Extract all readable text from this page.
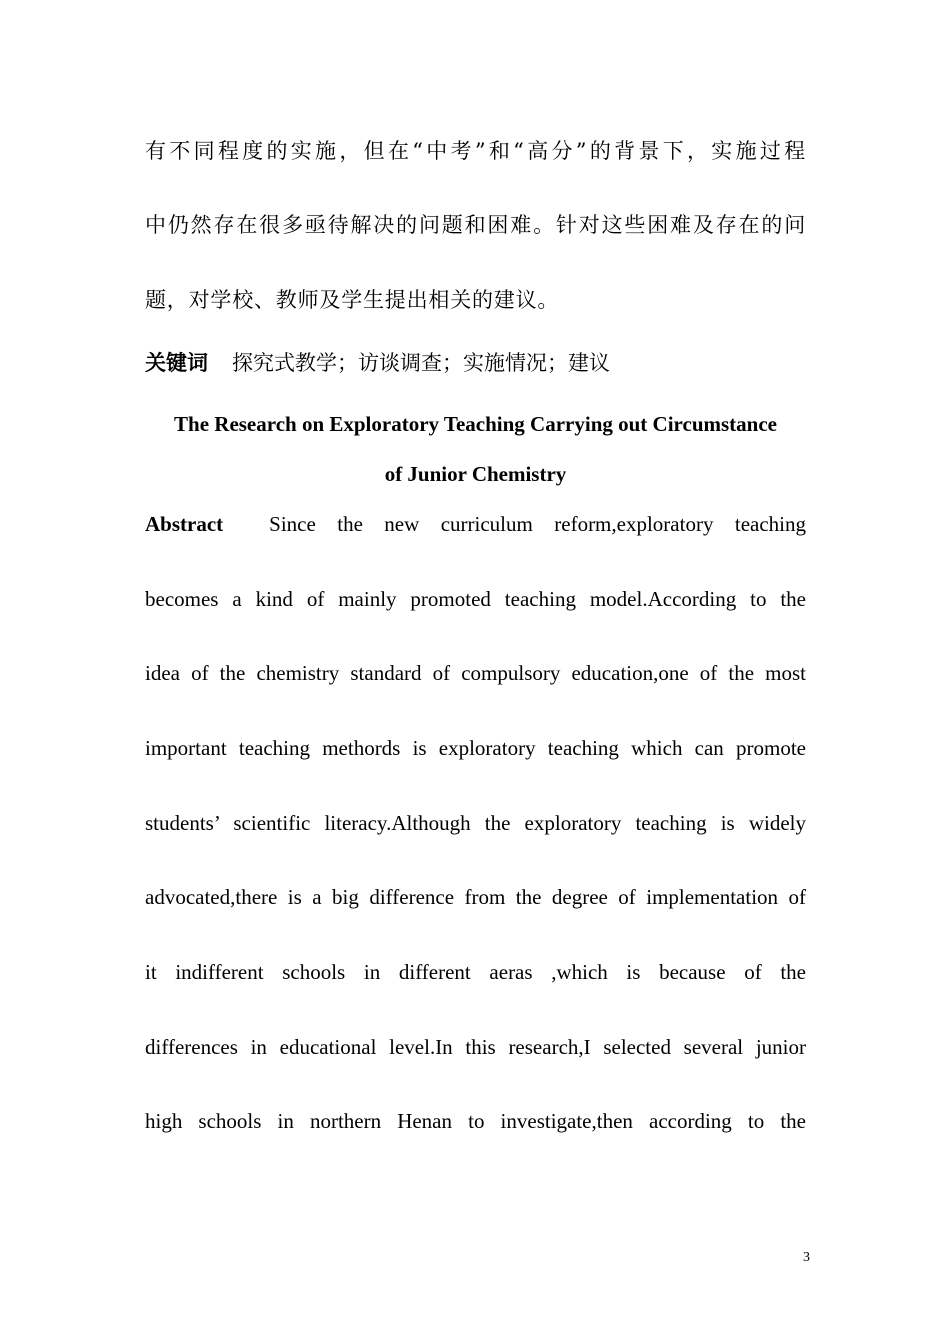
有不同程度的实施，但在“中考”和“高分”的背景下，实施过程
中仍然存在很多亟待解决的问题和困难。针对这些困难及存在的问
题，对学校、教师及学生提出相关的建议。
关键词 探究式教学；访谈调查；实施情况；建议
The Research on Exploratory Teaching Carrying out Circumstance
of Junior Chemistry
Abstract Since the new curriculum reform,exploratory teaching
becomes a kind of mainly promoted teaching model.According to the
idea of the chemistry standard of compulsory education,one of the most
important teaching methords is exploratory teaching which can promote
students’ scientific literacy.Although the exploratory teaching is widely
advocated,there is a big difference from the degree of implementation of
it indifferent schools in different aeras ,which is because of the
differences in educational level.In this research,I selected several junior
high schools in northern Henan to investigate,then according to the
3
